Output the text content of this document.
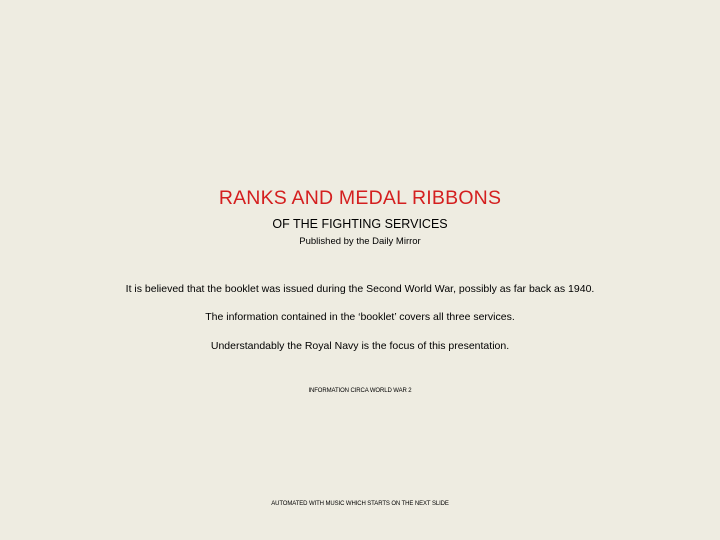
RANKS AND MEDAL RIBBONS

OF THE FIGHTING SERVICES

Published by the Daily Mirror

It is believed that the booklet was issued during the Second World War, possibly as far back as 1940.

The information contained in the ‘booklet’ covers all three services.

Understandably the Royal Navy is the focus of this presentation.

INFORMATION CIRCA WORLD WAR 2

AUTOMATED WITH MUSIC WHICH STARTS ON THE NEXT SLIDE
